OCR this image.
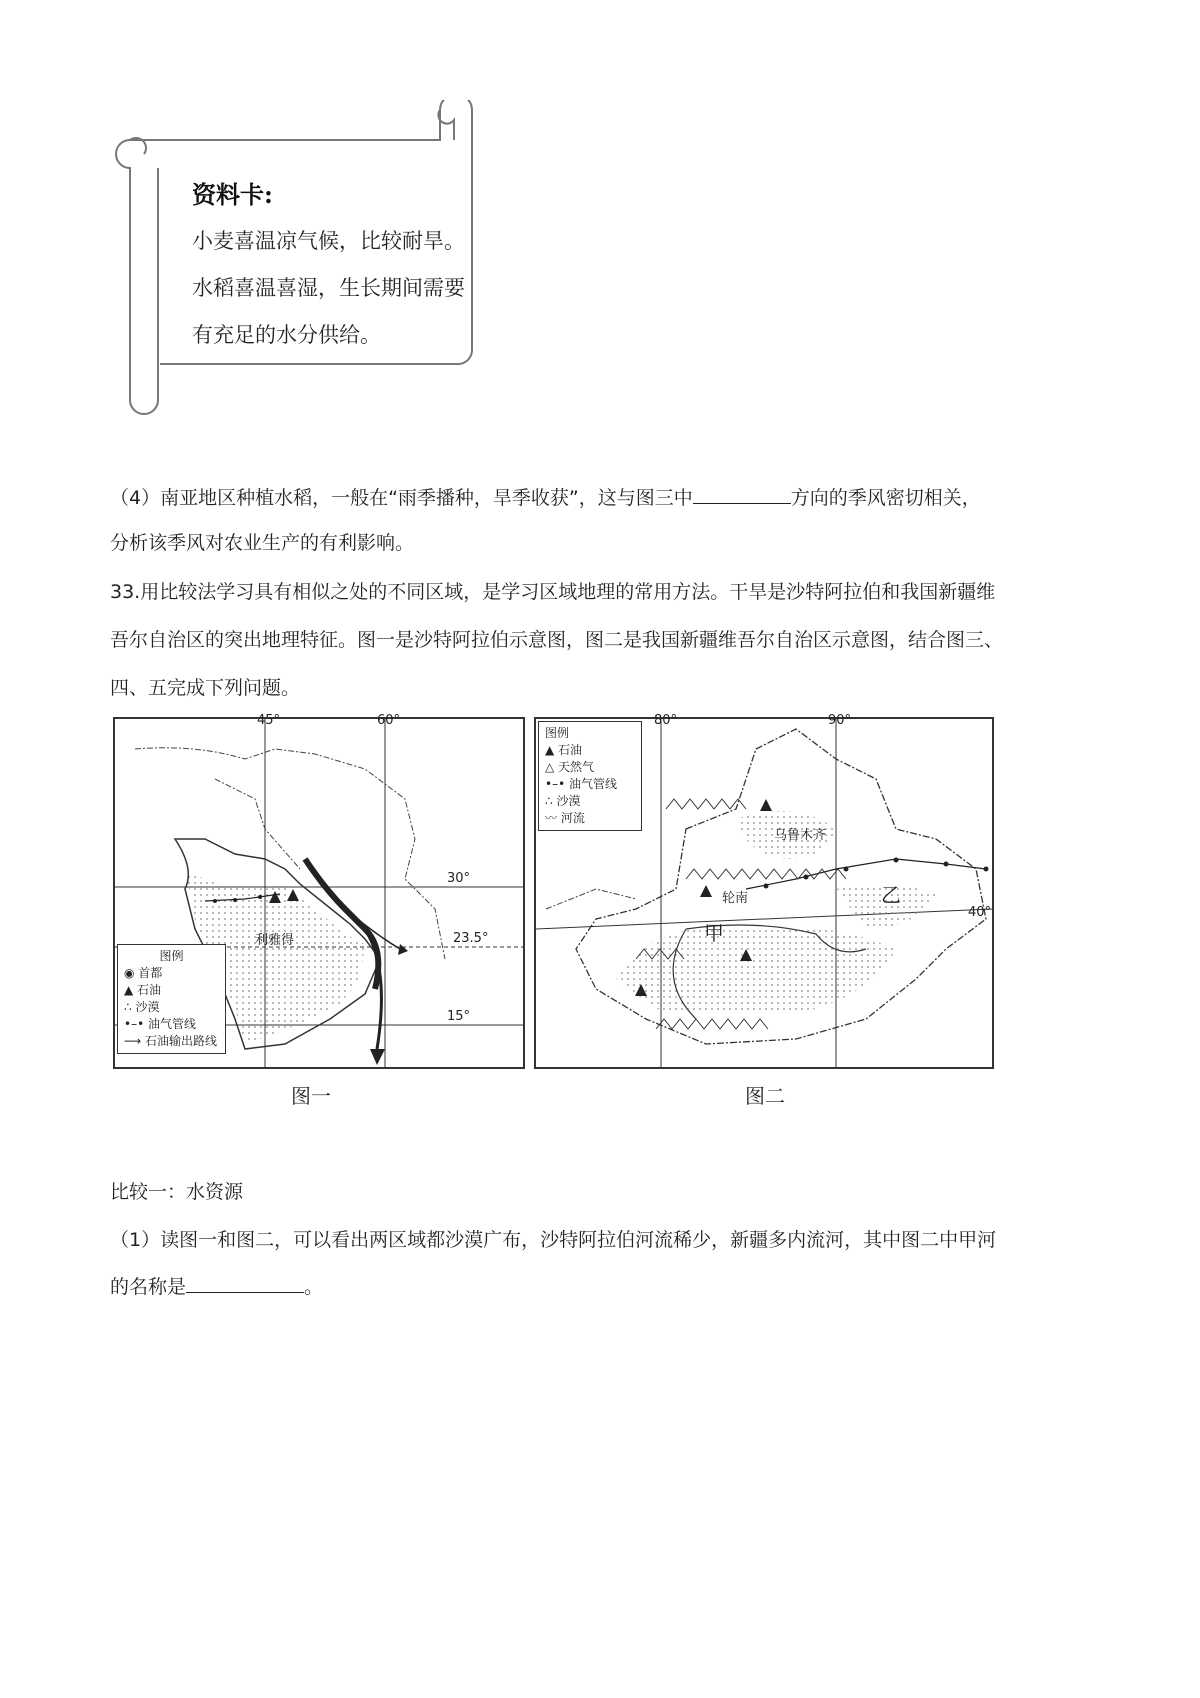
资料卡:
小麦喜温凉气候，比较耐旱。
水稻喜温喜湿，生长期间需要
有充足的水分供给。
（4）南亚地区种植水稻，一般在“雨季播种，旱季收获”，这与图三中	方向的季风密切相关，
分析该季风对农业生产的有利影响。
33.用比较法学习具有相似之处的不同区域，是学习区域地理的常用方法。干旱是沙特阿拉伯和我国新疆维
吾尔自治区的突出地理特征。图一是沙特阿拉伯示意图，图二是我国新疆维吾尔自治区示意图，结合图三、
四、五完成下列问题。
45°	60°
30°
23.5°
15°
利雅得
图例
◉ 首都
▲ 石油
∴ 沙漠
•–• 油气管线
⟶ 石油输出路线
图一
80°	90°
40°
乌鲁木齐
轮南
甲
乙
图例
▲ 石油
△ 天然气
•–• 油气管线
∴ 沙漠
〰 河流
图二
比较一：水资源
（1）读图一和图二，可以看出两区域都沙漠广布，沙特阿拉伯河流稀少，新疆多内流河，其中图二中甲河
的名称是	。
